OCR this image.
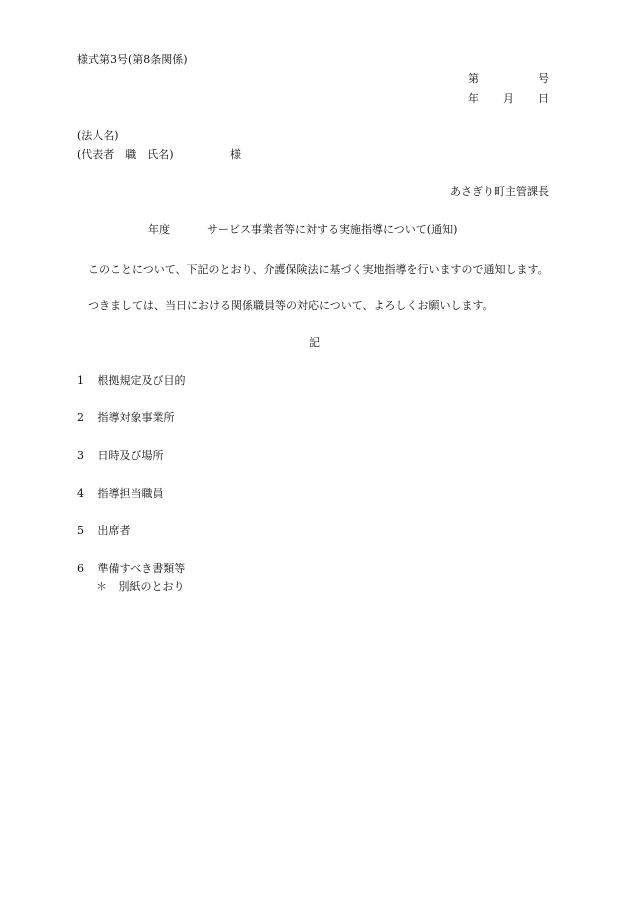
様式第3号(第8条関係)
第	号
年 月 日
(法人名)
(代表者　職　氏名)	様
あさぎり町主管課長
年度	サービス事業者等に対する実施指導について(通知)
　このことについて、下記のとおり、介護保険法に基づく実地指導を行いますので通知します。
　つきましては、当日における関係職員等の対応について、よろしくお願いします。
記
1 根拠規定及び目的
2 指導対象事業所
3 日時及び場所
4 指導担当職員
5 出席者
6 準備すべき書類等
＊ 別紙のとおり
